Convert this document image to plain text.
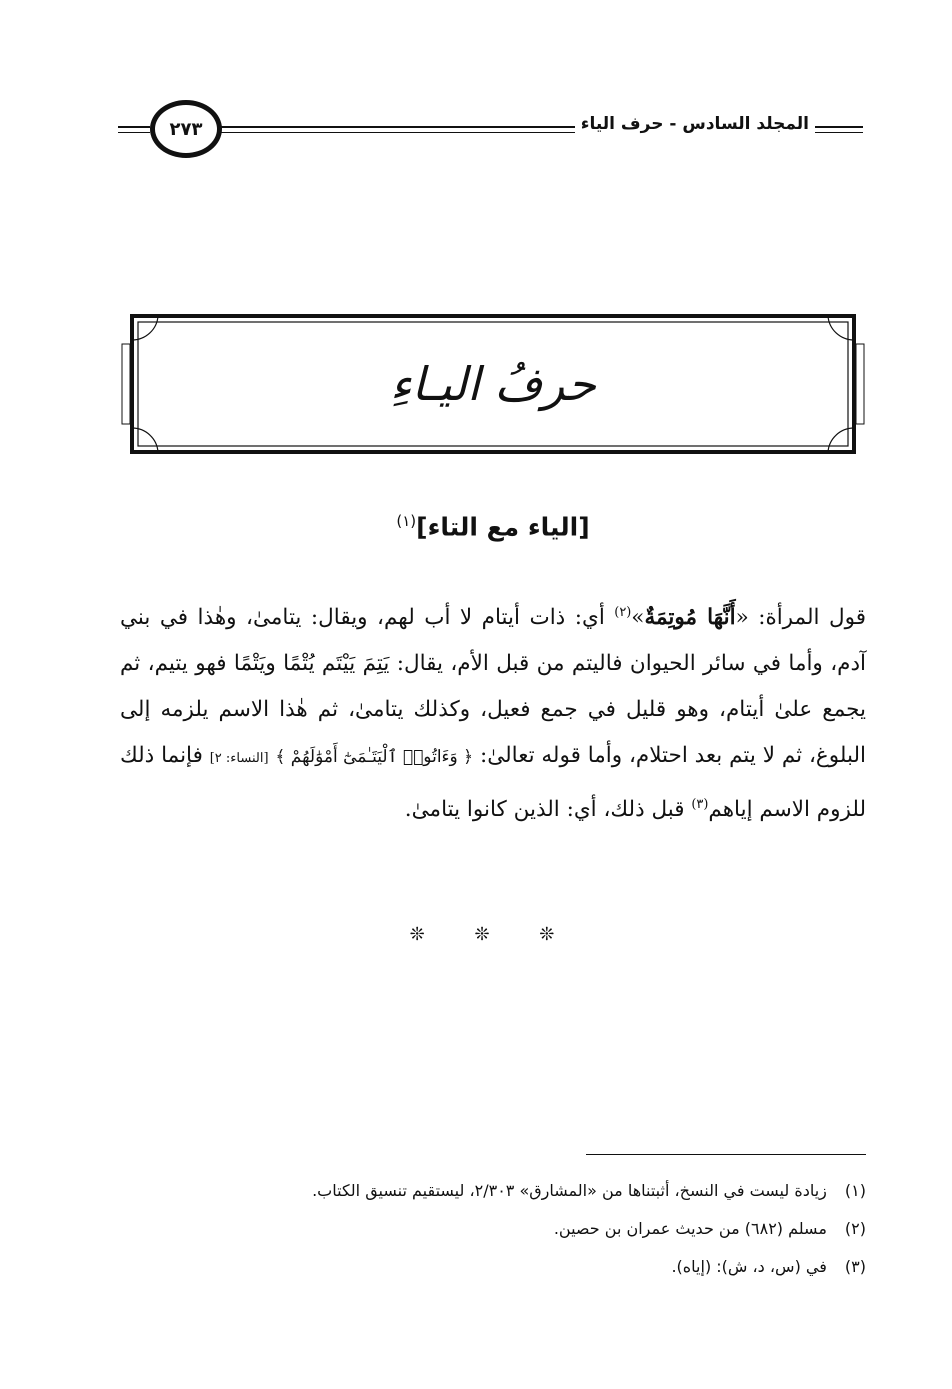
المجلد السادس - حرف الياء
٢٧٣
حرفُ اليـاءِ
[الياء مع التاء]$^{(١)}$
قول المرأة: «أَنَّهَا مُوتِمَةٌ»$^{(٢)}$ أي: ذات أيتام لا أب لهم، ويقال: يتامىٰ، وهٰذا في بني آدم، وأما في سائر الحيوان فاليتم من قبل الأم، يقال: يَتِمَ يَيْتَم يُتْمًا ويَتْمًا فهو يتيم، ثم يجمع علىٰ أيتام، وهو قليل في جمع فعيل، وكذلك يتامىٰ، ثم هٰذا الاسم يلزمه إلى البلوغ، ثم لا يتم بعد احتلام، وأما قوله تعالىٰ: ﴿ وَءَاتُوا۟ ٱلْيَتَـٰمَىٰٓ أَمْوَٰلَهُمْ ﴾ [النساء: ٢] فإنما ذلك للزوم الاسم إياهم$^{(٣)}$ قبل ذلك، أي: الذين كانوا يتامىٰ.
❊ ❊ ❊
(١) زيادة ليست في النسخ، أثبتناها من «المشارق» ٢/٣٠٣، ليستقيم تنسيق الكتاب.
(٢) مسلم (٦٨٢) من حديث عمران بن حصين.
(٣) في (س، د، ش): (إياه).
